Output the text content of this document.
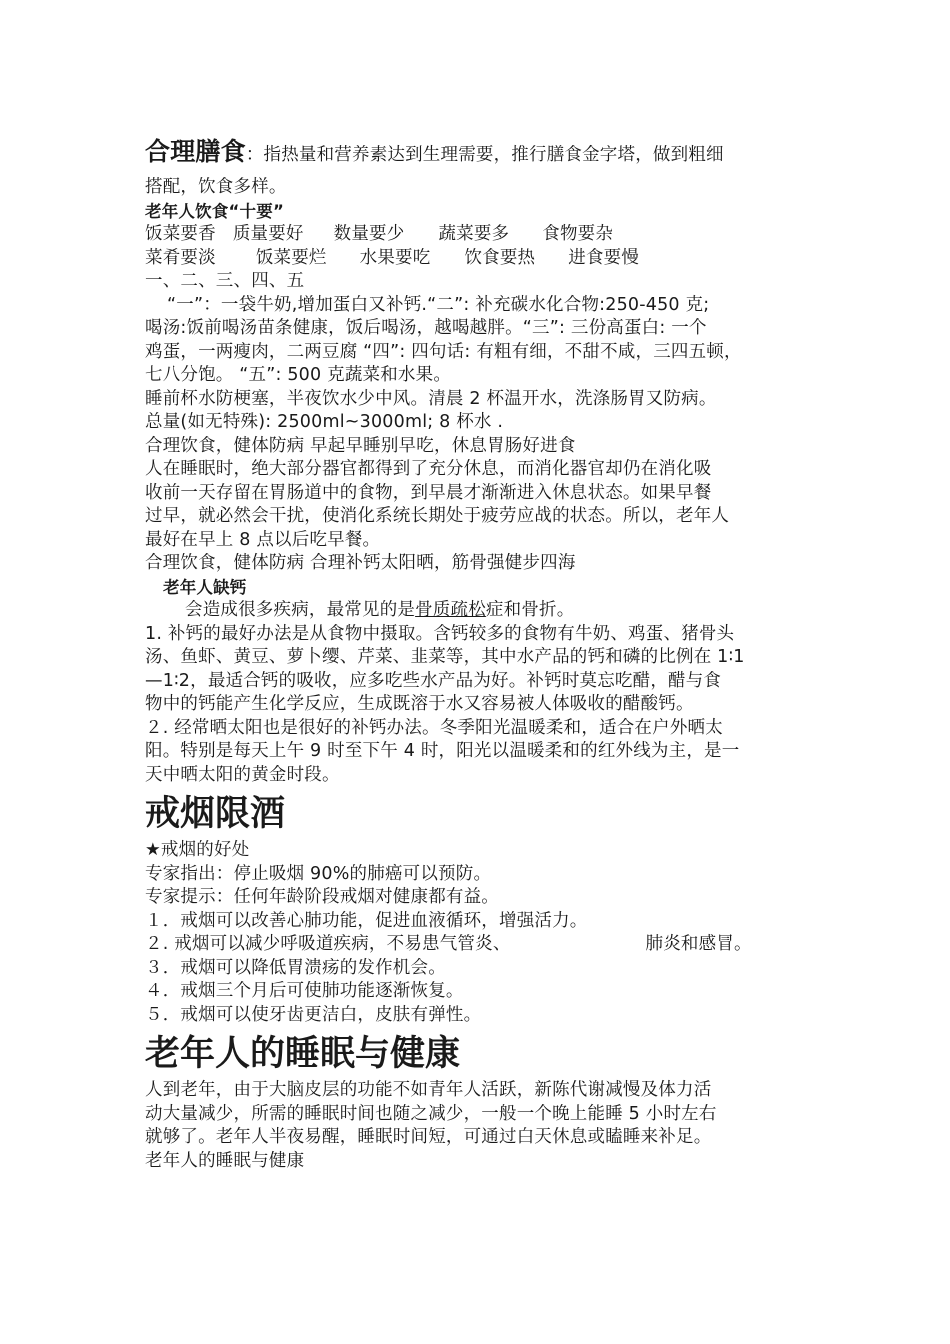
合理膳食：指热量和营养素达到生理需要，推行膳食金字塔，做到粗细
搭配，饮食多样。
老年人饮食“十要”
饭菜要香 质量要好 数量要少 蔬菜要多 食物要杂
菜肴要淡 饭菜要烂 水果要吃 饮食要热 进食要慢
一、二、三、四、五
“一”：一袋牛奶,增加蛋白又补钙.“二”: 补充碳水化合物:250-450 克;
喝汤:饭前喝汤苗条健康，饭后喝汤，越喝越胖。“三”: 三份高蛋白: 一个
鸡蛋，一两瘦肉，二两豆腐 “四”: 四句话: 有粗有细，不甜不咸，三四五顿，
七八分饱。 “五”: 500 克蔬菜和水果。
睡前杯水防梗塞，半夜饮水少中风。清晨 2 杯温开水，洗涤肠胃又防病。
总量(如无特殊): 2500ml~3000ml; 8 杯水 .
合理饮食，健体防病 早起早睡别早吃，休息胃肠好进食
人在睡眠时，绝大部分器官都得到了充分休息，而消化器官却仍在消化吸
收前一天存留在胃肠道中的食物，到早晨才渐渐进入休息状态。如果早餐
过早，就必然会干扰，使消化系统长期处于疲劳应战的状态。所以，老年人
最好在早上 8 点以后吃早餐。
合理饮食，健体防病 合理补钙太阳晒，筋骨强健步四海
老年人缺钙
会造成很多疾病，最常见的是骨质疏松症和骨折。
1. 补钙的最好办法是从食物中摄取。含钙较多的食物有牛奶、鸡蛋、猪骨头
汤、鱼虾、黄豆、萝卜缨、芹菜、韭菜等，其中水产品的钙和磷的比例在 1∶1
—1∶2，最适合钙的吸收，应多吃些水产品为好。补钙时莫忘吃醋，醋与食
物中的钙能产生化学反应，生成既溶于水又容易被人体吸收的醋酸钙。
２. 经常晒太阳也是很好的补钙办法。冬季阳光温暖柔和，适合在户外晒太
阳。特别是每天上午 9 时至下午 4 时，阳光以温暖柔和的红外线为主，是一
天中晒太阳的黄金时段。
戒烟限酒
★戒烟的好处
专家指出：停止吸烟 90%的肺癌可以预防。
专家提示：任何年龄阶段戒烟对健康都有益。
１．戒烟可以改善心肺功能，促进血液循环，增强活力。
２. 戒烟可以减少呼吸道疾病，不易患气管炎、	肺炎和感冒。
３．戒烟可以降低胃溃疡的发作机会。
４．戒烟三个月后可使肺功能逐渐恢复。
５．戒烟可以使牙齿更洁白，皮肤有弹性。
老年人的睡眠与健康
人到老年，由于大脑皮层的功能不如青年人活跃，新陈代谢减慢及体力活
动大量减少，所需的睡眠时间也随之减少，一般一个晚上能睡 5 小时左右
就够了。老年人半夜易醒，睡眠时间短，可通过白天休息或瞌睡来补足。
老年人的睡眠与健康
